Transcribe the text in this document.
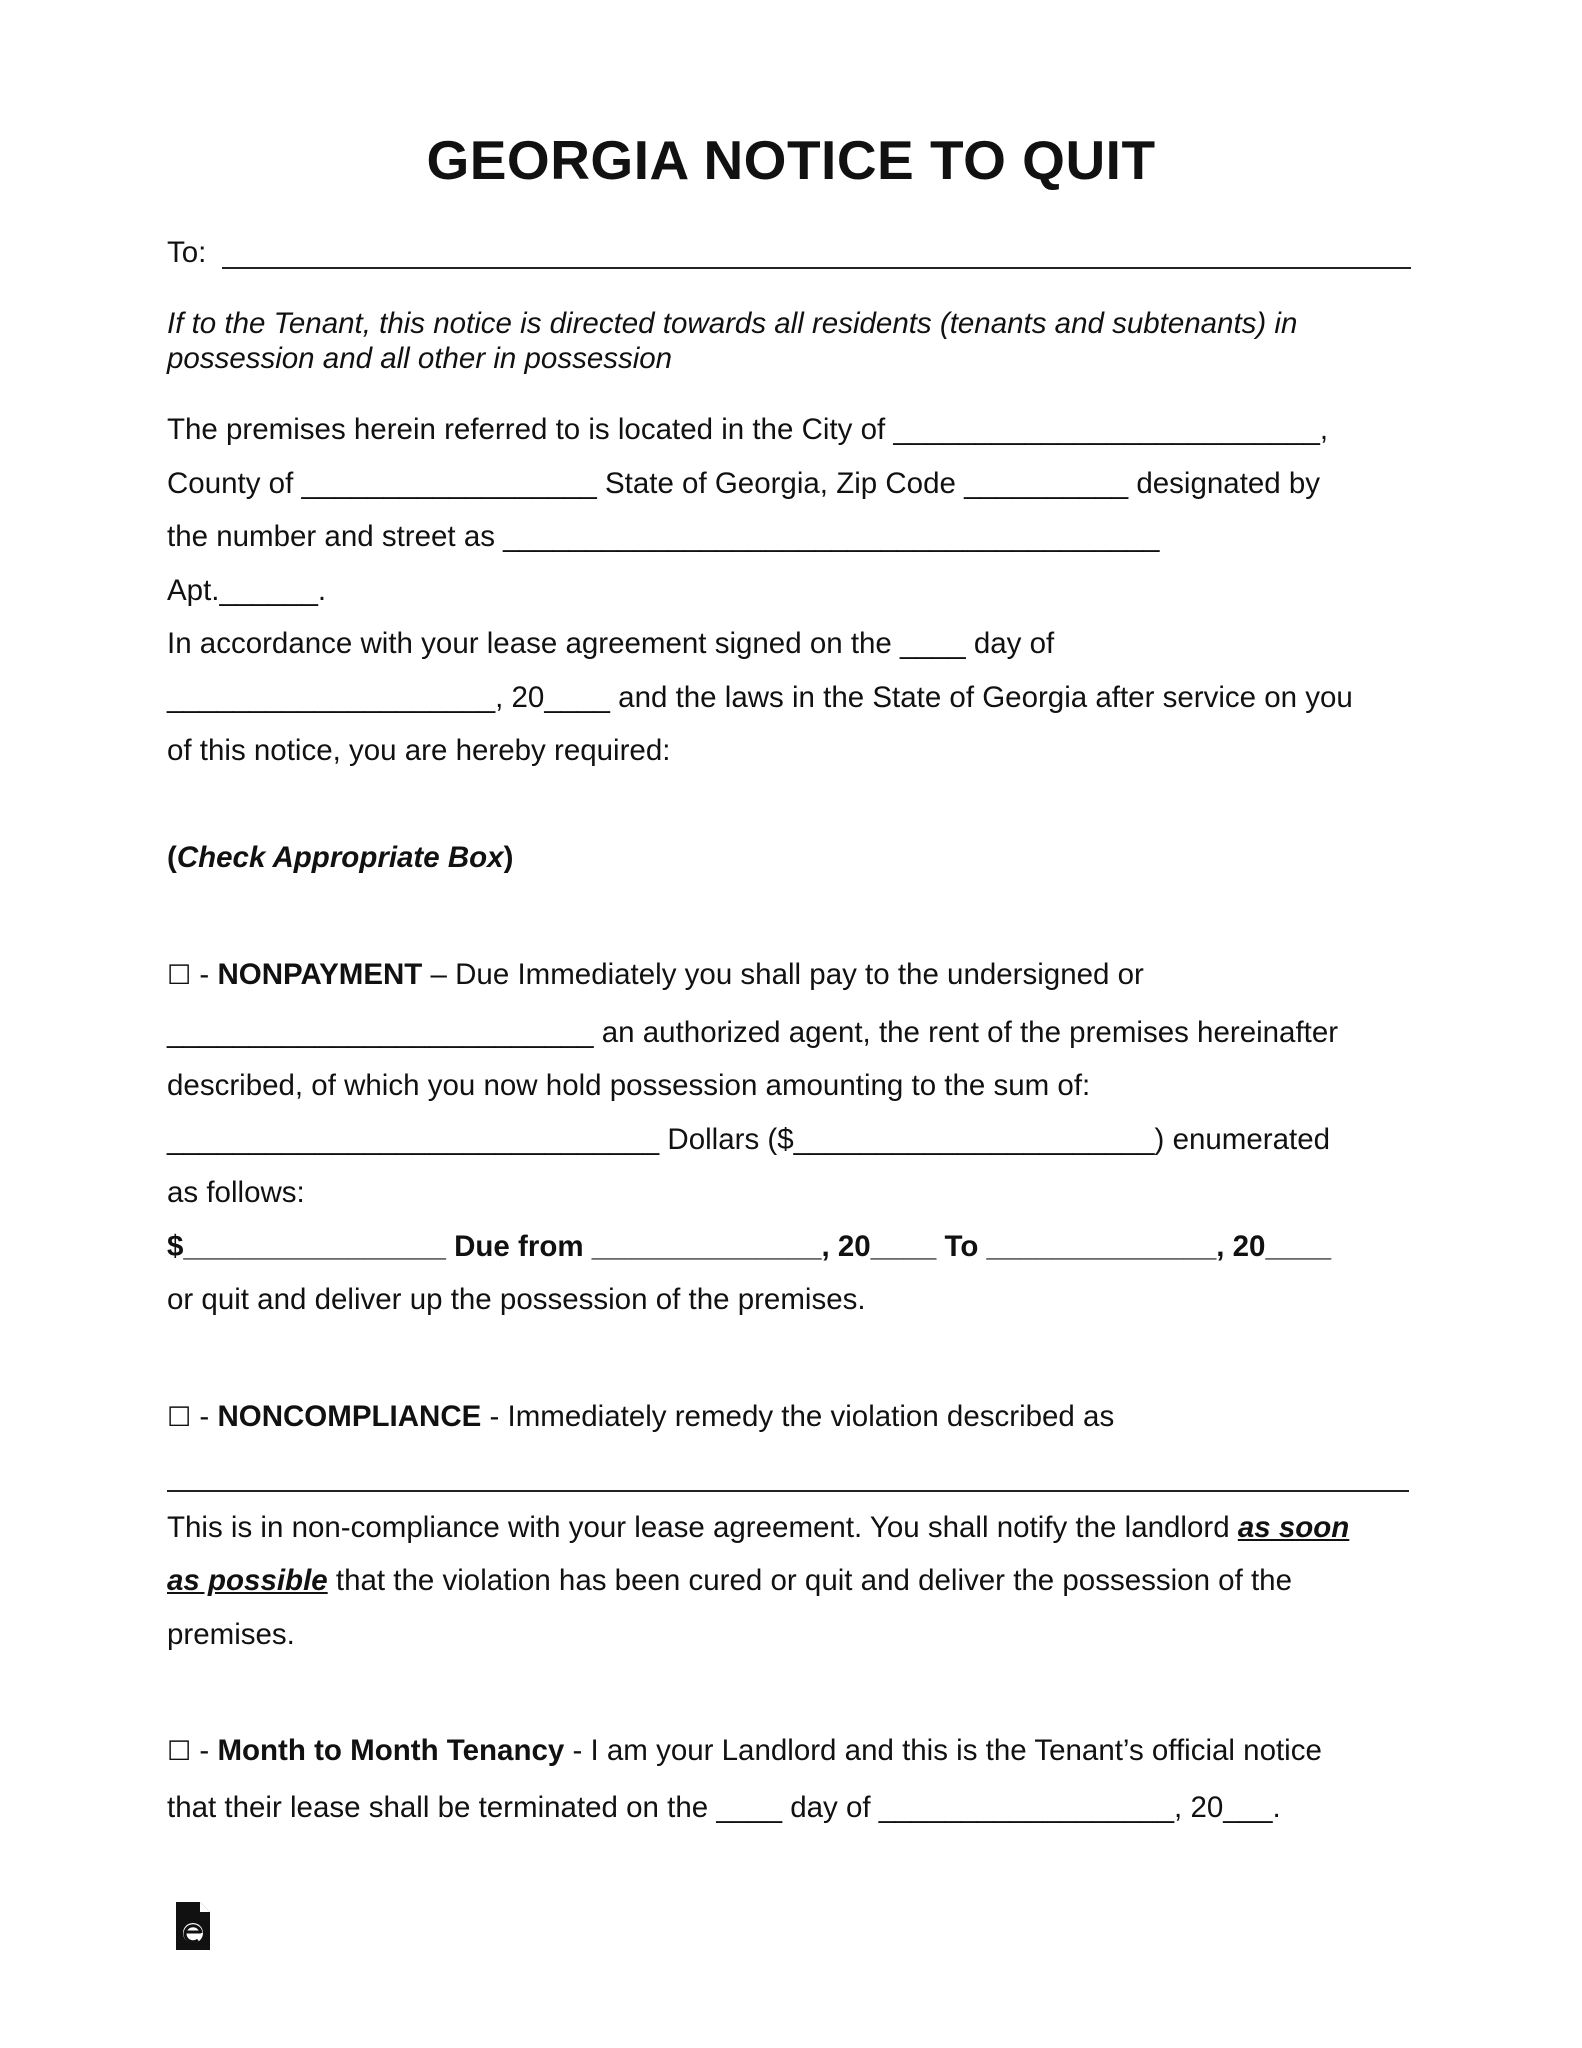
GEORGIA NOTICE TO QUIT
To:
If to the Tenant, this notice is directed towards all residents (tenants and subtenants) in
possession and all other in possession
The premises herein referred to is located in the City of __________________________,
County of __________________ State of Georgia, Zip Code __________ designated by
the number and street as ________________________________________
Apt.______.
In accordance with your lease agreement signed on the ____ day of
____________________, 20____ and the laws in the State of Georgia after service on you
of this notice, you are hereby required:
(Check Appropriate Box)
☐ - NONPAYMENT – Due Immediately you shall pay to the undersigned or
__________________________ an authorized agent, the rent of the premises hereinafter
described, of which you now hold possession amounting to the sum of:
______________________________ Dollars ($______________________) enumerated
as follows:
$________________ Due from ______________, 20____ To ______________, 20____
or quit and deliver up the possession of the premises.
☐ - NONCOMPLIANCE - Immediately remedy the violation described as
This is in non-compliance with your lease agreement. You shall notify the landlord as soon
as possible that the violation has been cured or quit and deliver the possession of the
premises.
☐ - Month to Month Tenancy - I am your Landlord and this is the Tenant’s official notice
that their lease shall be terminated on the ____ day of __________________, 20___.
